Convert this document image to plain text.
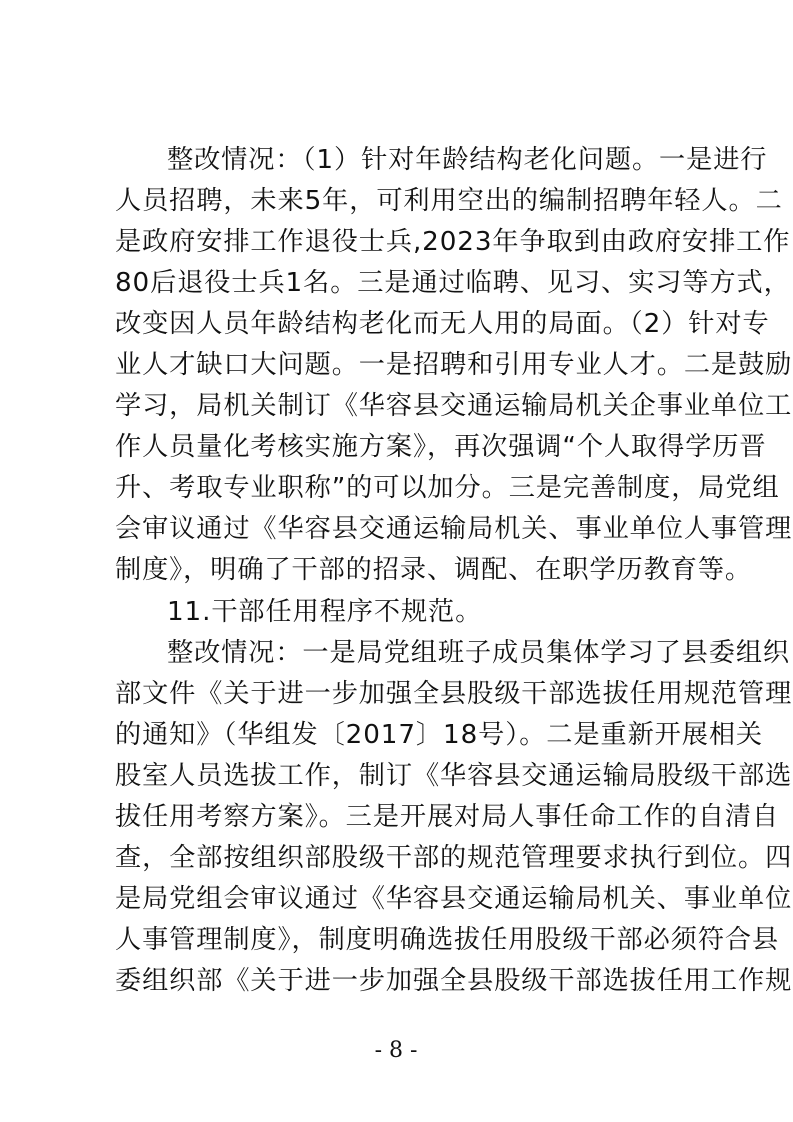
整改情况：（1）针对年龄结构老化问题。一是进行
人员招聘，未来5年，可利用空出的编制招聘年轻人。二
是政府安排工作退役士兵,2023年争取到由政府安排工作
80后退役士兵1名。三是通过临聘、见习、实习等方式，
改变因人员年龄结构老化而无人用的局面。（2）针对专
业人才缺口大问题。一是招聘和引用专业人才。二是鼓励
学习，局机关制订《华容县交通运输局机关企事业单位工
作人员量化考核实施方案》，再次强调“个人取得学历晋
升、考取专业职称”的可以加分。三是完善制度，局党组
会审议通过《华容县交通运输局机关、事业单位人事管理
制度》，明确了干部的招录、调配、在职学历教育等。
11.干部任用程序不规范。
整改情况：一是局党组班子成员集体学习了县委组织
部文件《关于进一步加强全县股级干部选拔任用规范管理
的通知》（华组发〔2017〕18号）。二是重新开展相关
股室人员选拔工作，制订《华容县交通运输局股级干部选
拔任用考察方案》。三是开展对局人事任命工作的自清自
查，全部按组织部股级干部的规范管理要求执行到位。四
是局党组会审议通过《华容县交通运输局机关、事业单位
人事管理制度》，制度明确选拔任用股级干部必须符合县
委组织部《关于进一步加强全县股级干部选拔任用工作规
- 8 -
